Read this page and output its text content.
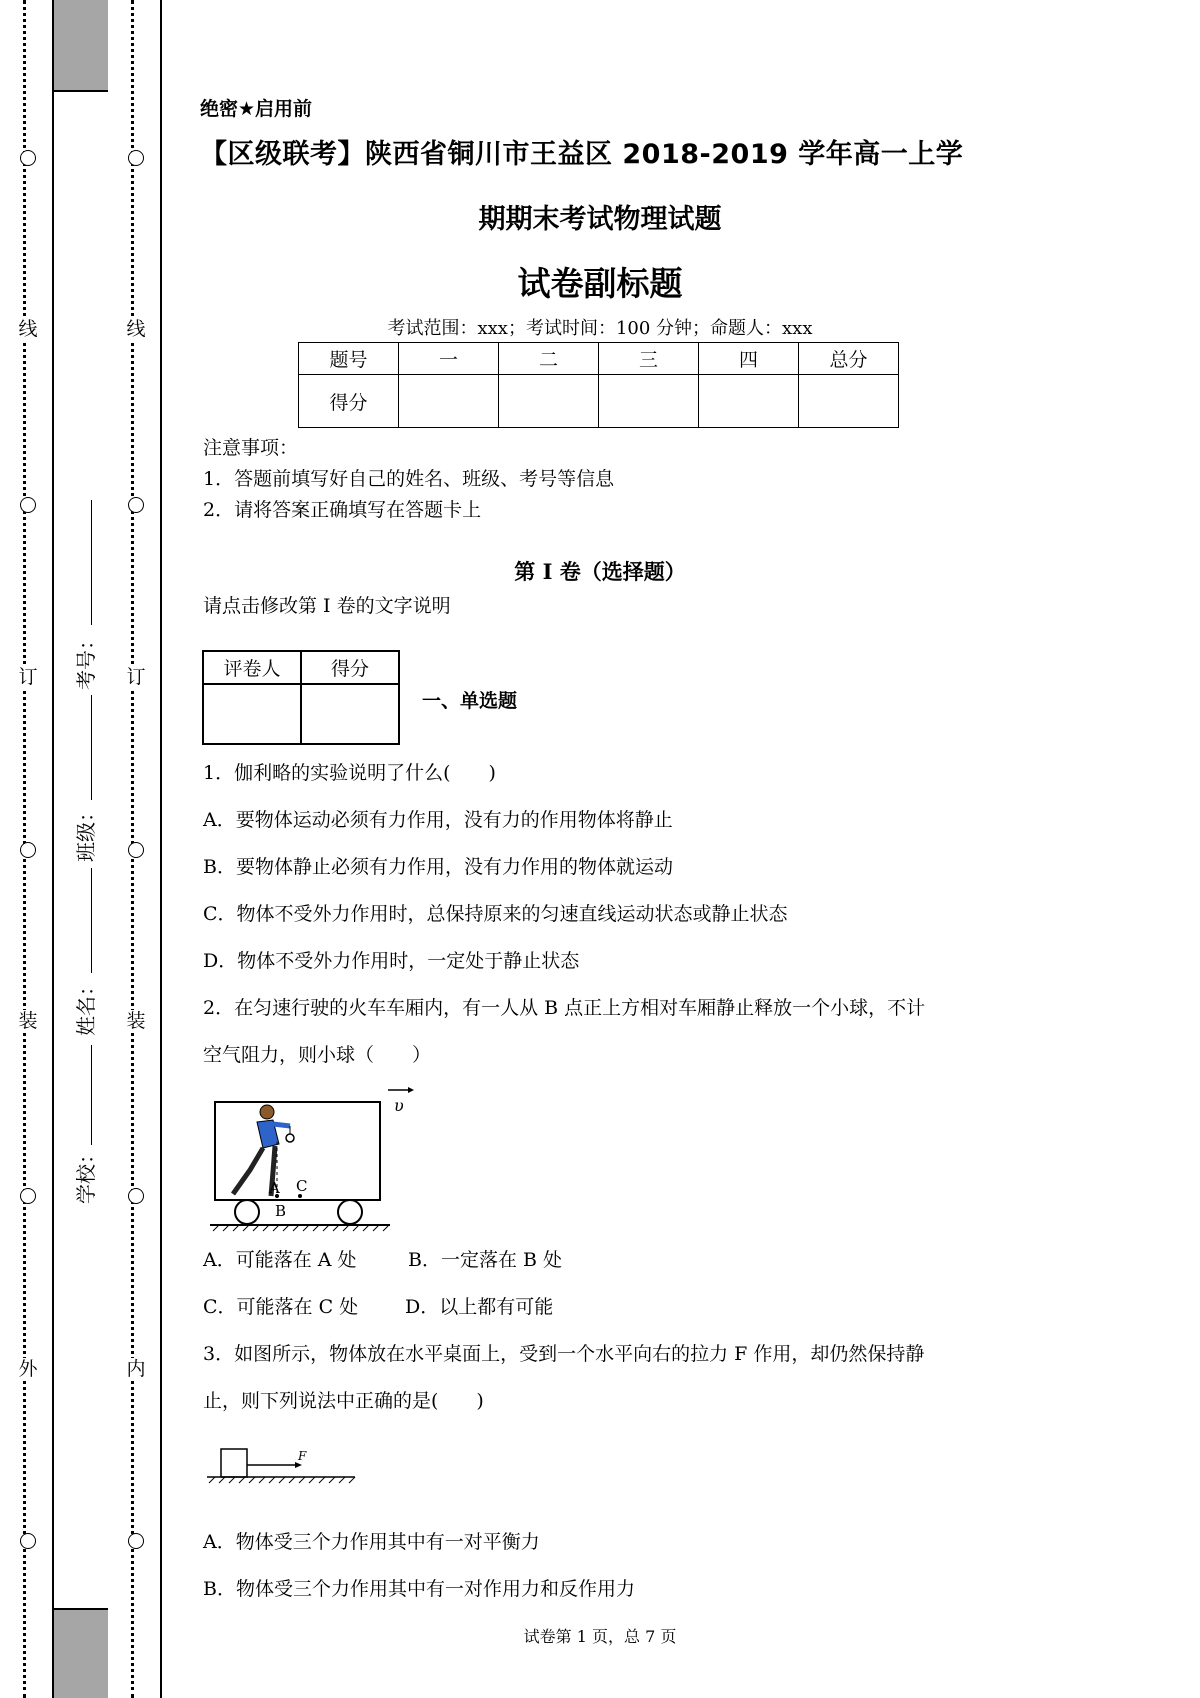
线
订
装
外
线
订
装
内
考号：
班级：
姓名：
学校：
绝密★启用前
【区级联考】陕西省铜川市王益区 2018-2019 学年高一上学
期期末考试物理试题
试卷副标题
考试范围：xxx；考试时间：100 分钟；命题人：xxx
题号	一	二	三	四	总分
得分					
注意事项：
1．答题前填写好自己的姓名、班级、考号等信息
2．请将答案正确填写在答题卡上
第 I 卷（选择题）
请点击修改第 I 卷的文字说明
评卷人	得分

一、单选题
1．伽利略的实验说明了什么(　　)
A．要物体运动必须有力作用，没有力的作用物体将静止
B．要物体静止必须有力作用，没有力作用的物体就运动
C．物体不受外力作用时，总保持原来的匀速直线运动状态或静止状态
D．物体不受外力作用时，一定处于静止状态
2．在匀速行驶的火车车厢内，有一人从 B 点正上方相对车厢静止释放一个小球，不计
空气阻力，则小球（　　）
A
B
C
υ
A．可能落在 A 处	B．一定落在 B 处
C．可能落在 C 处 D．以上都有可能
3．如图所示，物体放在水平桌面上，受到一个水平向右的拉力 F 作用，却仍然保持静
止，则下列说法中正确的是(　　)
F
A．物体受三个力作用其中有一对平衡力
B．物体受三个力作用其中有一对作用力和反作用力
试卷第 1 页，总 7 页
